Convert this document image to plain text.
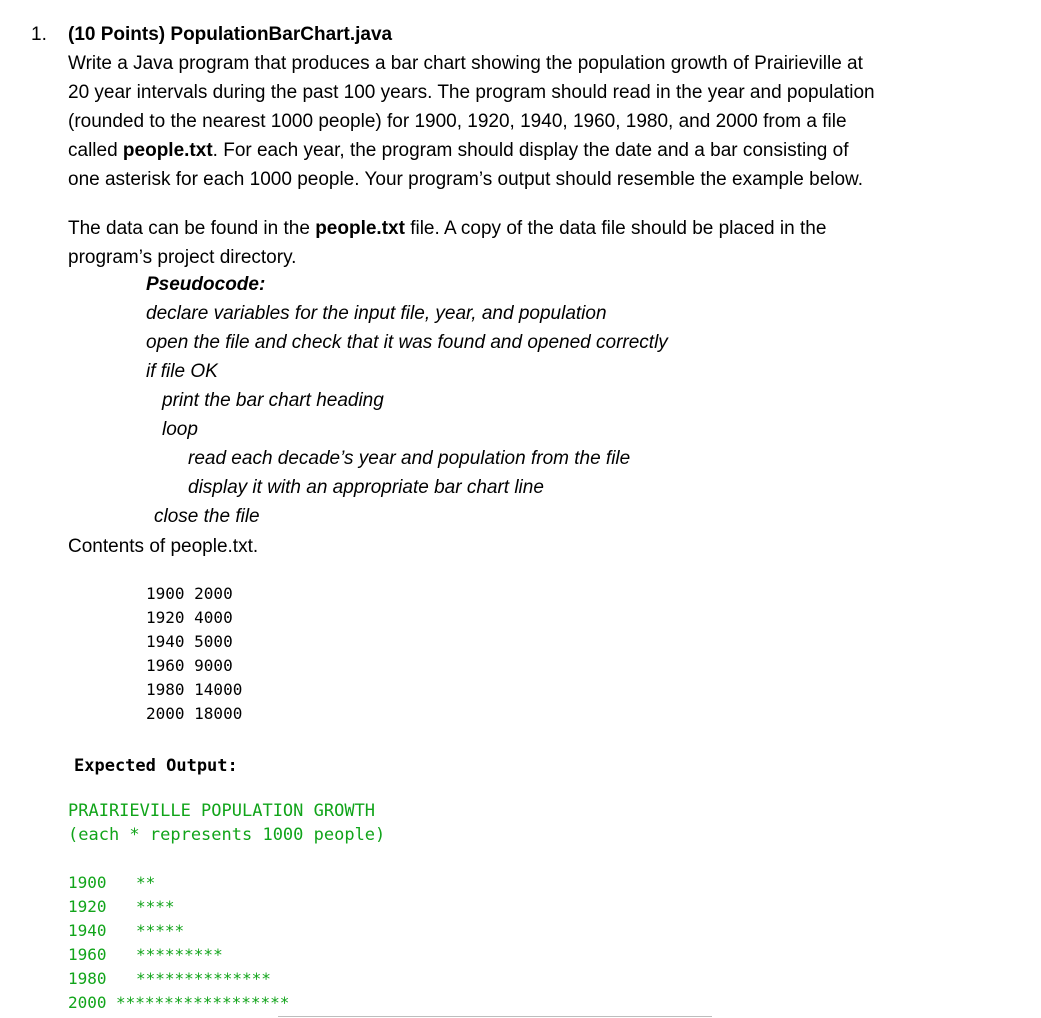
1. (10 Points) PopulationBarChart.java
Write a Java program that produces a bar chart showing the population growth of Prairieville at
20 year intervals during the past 100 years. The program should read in the year and population
(rounded to the nearest 1000 people) for 1900, 1920, 1940, 1960, 1980, and 2000 from a file
called people.txt. For each year, the program should display the date and a bar consisting of
one asterisk for each 1000 people. Your program’s output should resemble the example below.
The data can be found in the people.txt file. A copy of the data file should be placed in the
program’s project directory.
Pseudocode:
declare variables for the input file, year, and population
open the file and check that it was found and opened correctly
if file OK
print the bar chart heading
loop
read each decade’s year and population from the file
display it with an appropriate bar chart line
close the file
Contents of people.txt.
1900 2000
1920 4000
1940 5000
1960 9000
1980 14000
2000 18000
Expected Output:
PRAIRIEVILLE POPULATION GROWTH
(each * represents 1000 people)
1900 **
1920 ****
1940 *****
1960 *********
1980 **************
2000 ******************
